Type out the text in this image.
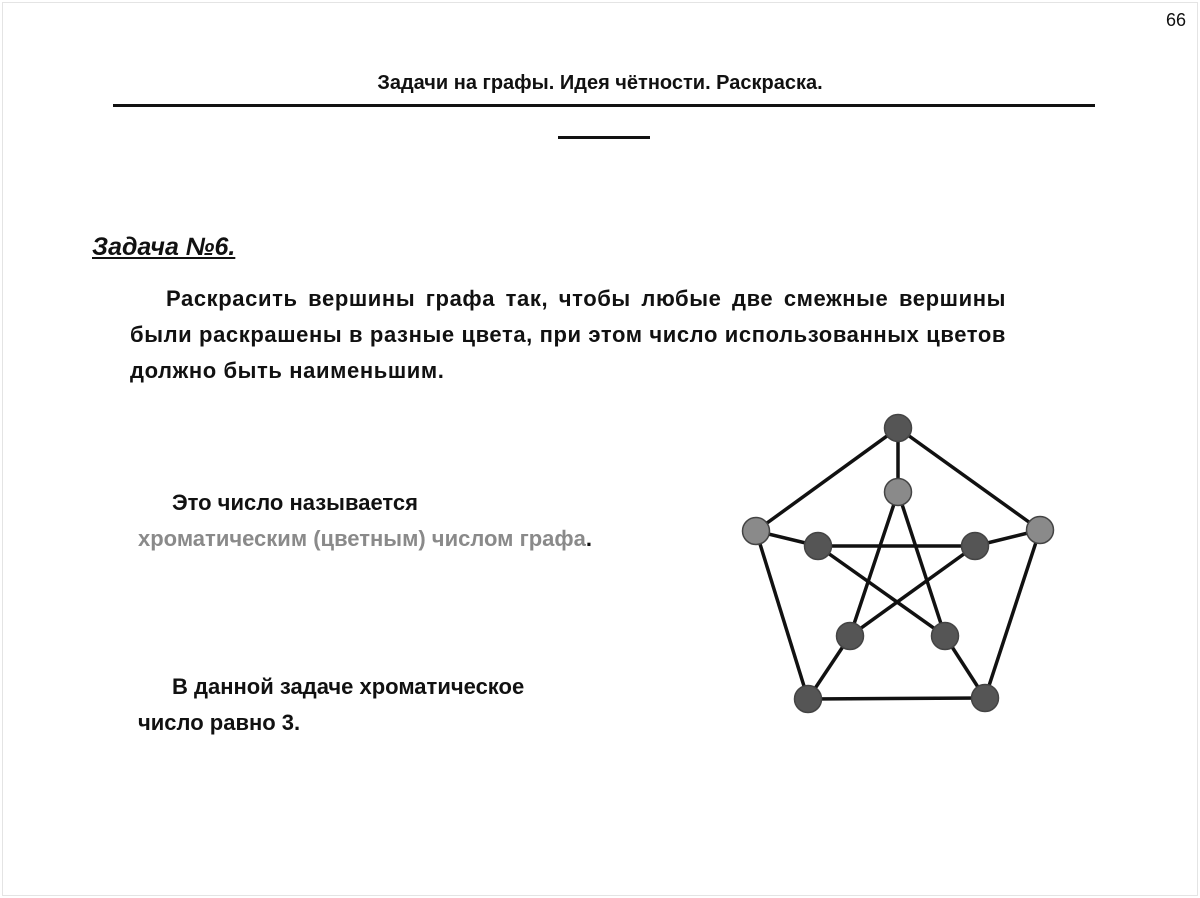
66
Задачи на графы. Идея чётности. Раскраска.
Задача №6.
Раскрасить вершины графа так, чтобы любые две смежные вершины были раскрашены в разные цвета, при этом число использованных цветов должно быть наименьшим.
Это число называется
хроматическим (цветным) числом графа.
В данной задаче хроматическое
число равно 3.
